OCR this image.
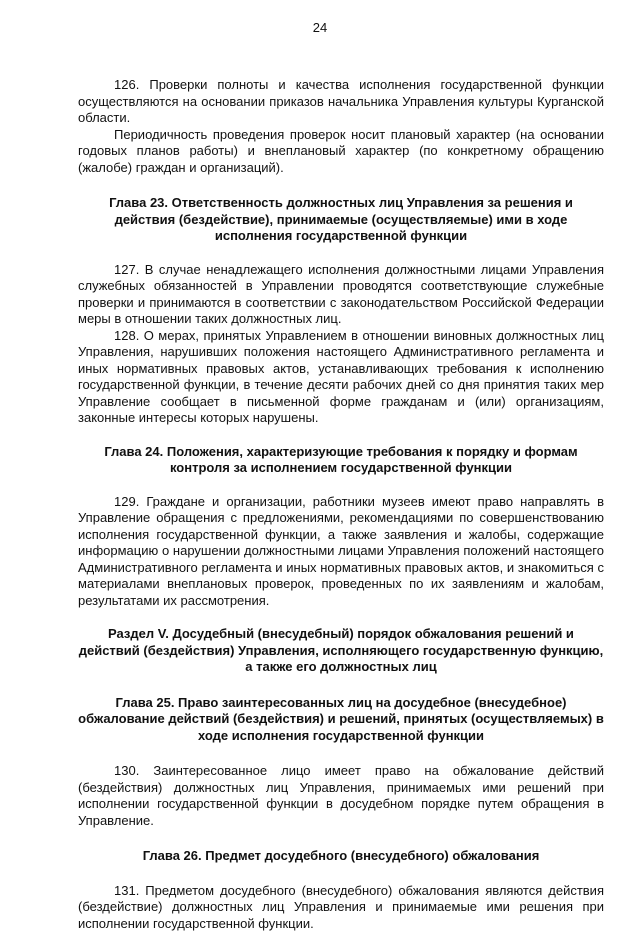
24

126. Проверки полноты и качества исполнения государственной функции осуществляются на основании приказов начальника Управления культуры Курганской области.

Периодичность проведения проверок носит плановый характер (на основании годовых планов работы) и внеплановый характер (по конкретному обращению (жалобе) граждан и организаций).

Глава 23. Ответственность должностных лиц Управления за решения и действия (бездействие), принимаемые (осуществляемые) ими в ходе исполнения государственной функции

127. В случае ненадлежащего исполнения должностными лицами Управления служебных обязанностей в Управлении проводятся соответствующие служебные проверки и принимаются в соответствии с законодательством Российской Федерации меры в отношении таких должностных лиц.

128. О мерах, принятых Управлением в отношении виновных должностных лиц Управления, нарушивших положения настоящего Административного регламента и иных нормативных правовых актов, устанавливающих требования к исполнению государственной функции, в течение десяти рабочих дней со дня принятия таких мер Управление сообщает в письменной форме гражданам и (или) организациям, законные интересы которых нарушены.

Глава 24. Положения, характеризующие требования к порядку и формам контроля за исполнением государственной функции

129. Граждане и организации, работники музеев имеют право направлять в Управление обращения с предложениями, рекомендациями по совершенствованию исполнения государственной функции, а также заявления и жалобы, содержащие информацию о нарушении должностными лицами Управления положений настоящего Административного регламента и иных нормативных правовых актов, и знакомиться с материалами внеплановых проверок, проведенных по их заявлениям и жалобам, результатами их рассмотрения.

Раздел V. Досудебный (внесудебный) порядок обжалования решений и действий (бездействия) Управления, исполняющего государственную функцию, а также его должностных лиц
Глава 25. Право заинтересованных лиц на досудебное (внесудебное) обжалование действий (бездействия) и решений, принятых (осуществляемых) в ходе исполнения государственной функции

130. Заинтересованное лицо имеет право на обжалование действий (бездействия) должностных лиц Управления, принимаемых ими решений при исполнении государственной функции в досудебном порядке путем обращения в Управление.

Глава 26. Предмет досудебного (внесудебного) обжалования

131. Предметом досудебного (внесудебного) обжалования являются действия (бездействие) должностных лиц Управления и принимаемые ими решения при исполнении государственной функции.
